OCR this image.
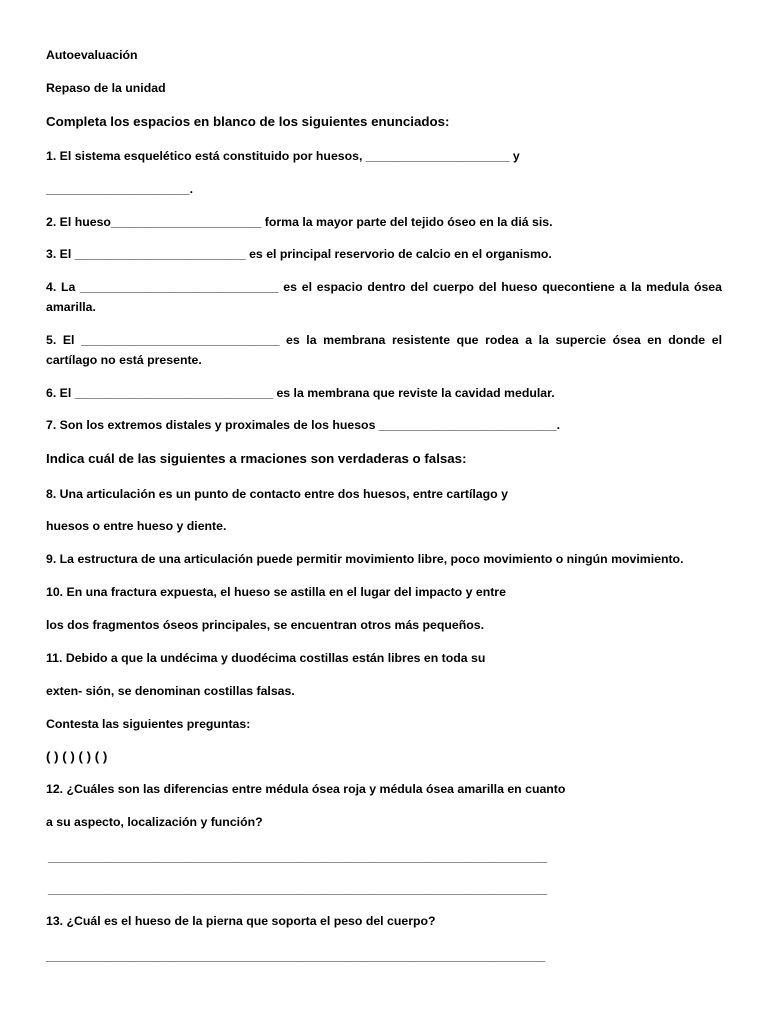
Autoevaluación
Repaso de la unidad
Completa los espacios en blanco de los siguientes enunciados:
1. El sistema esquelético está constituido por huesos, _____________________ y
_____________________.
2. El hueso______________________ forma la mayor parte del tejido óseo en la diá sis.
3. El _________________________ es el principal reservorio de calcio en el organismo.
4. La _____________________________ es el espacio dentro del cuerpo del hueso quecontiene a la medula ósea
amarilla.
5. El _____________________________ es la membrana resistente que rodea a la supercie ósea en donde el
cartílago no está presente.
6. El _____________________________ es la membrana que reviste la cavidad medular.
7. Son los extremos distales y proximales de los huesos __________________________.
Indica cuál de las siguientes a rmaciones son verdaderas o falsas:
8. Una articulación es un punto de contacto entre dos huesos, entre cartílago y
huesos o entre hueso y diente.
9. La estructura de una articulación puede permitir movimiento libre, poco movimiento o ningún movimiento.
10. En una fractura expuesta, el hueso se astilla en el lugar del impacto y entre
los dos fragmentos óseos principales, se encuentran otros más pequeños.
11. Debido a que la undécima y duodécima costillas están libres en toda su
exten- sión, se denominan costillas falsas.
Contesta las siguientes preguntas:
( ) ( ) ( ) ( )
12. ¿Cuáles son las diferencias entre médula ósea roja y médula ósea amarilla en cuanto
a su aspecto, localización y función?
_________________________________________________________________________
_________________________________________________________________________
13. ¿Cuál es el hueso de la pierna que soporta el peso del cuerpo?
_________________________________________________________________________
